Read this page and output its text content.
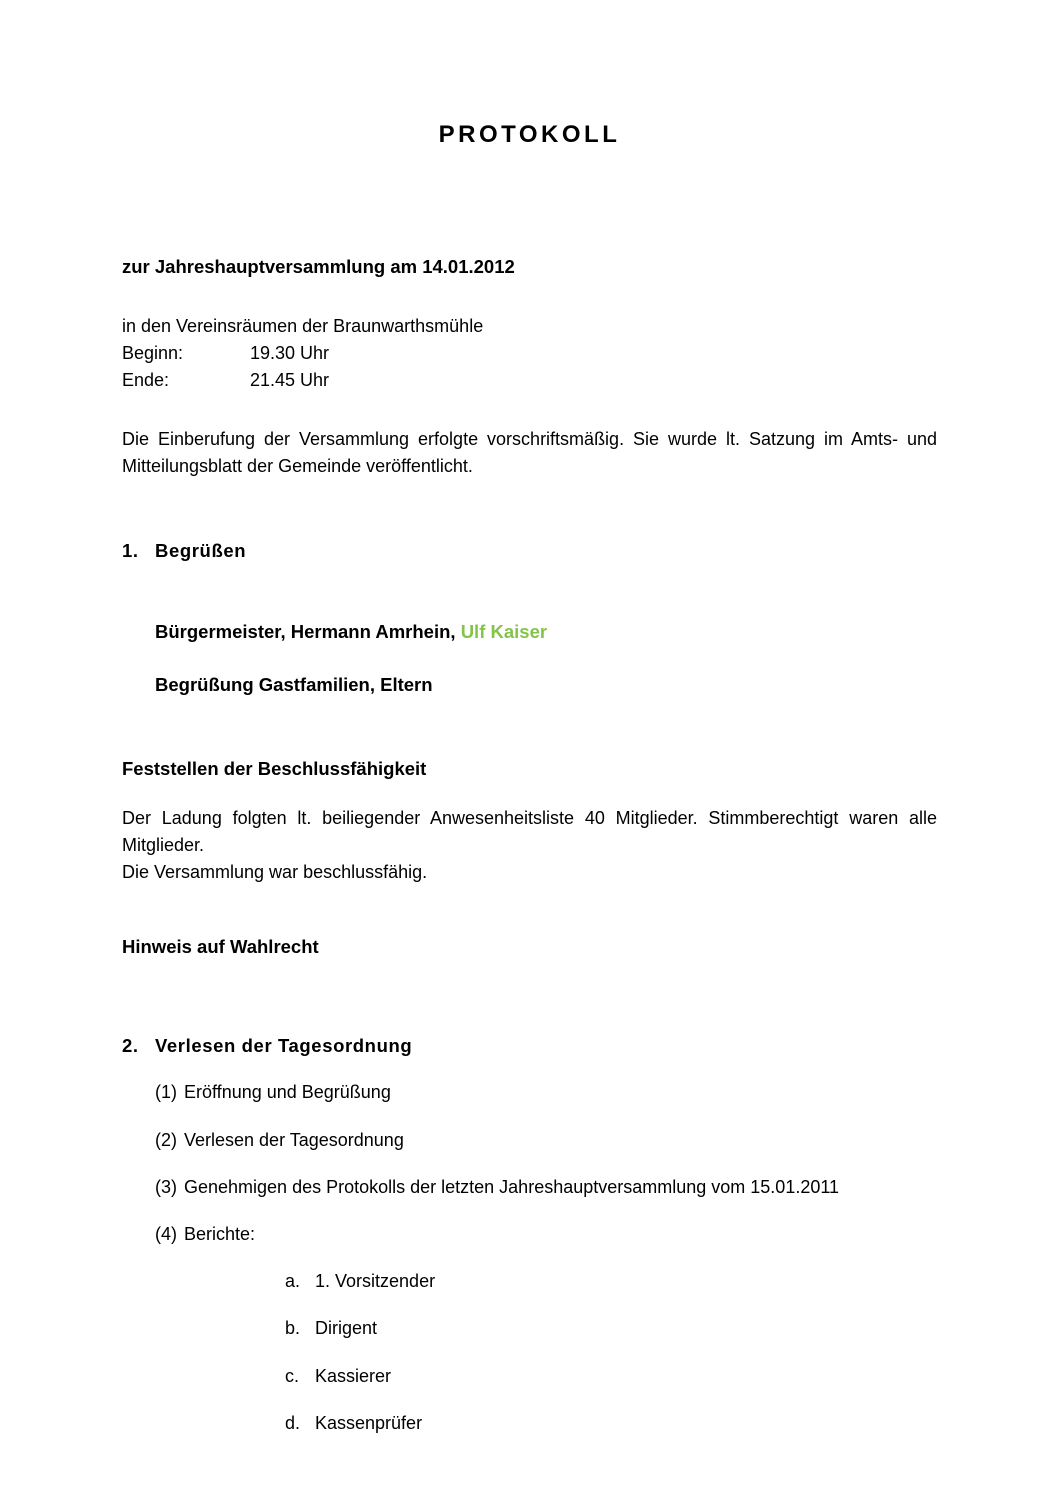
PROTOKOLL

zur Jahreshauptversammlung am 14.01.2012

in den Vereinsräumen der Braunwarthsmühle
Beginn:	19.30 Uhr
Ende:	21.45 Uhr

Die Einberufung der Versammlung erfolgte vorschriftsmäßig. Sie wurde lt. Satzung im Amts- und Mitteilungsblatt der Gemeinde veröffentlicht.

1. Begrüßen
Bürgermeister, Hermann Amrhein, Ulf Kaiser
Begrüßung Gastfamilien, Eltern

Feststellen der Beschlussfähigkeit

Der Ladung folgten lt. beiliegender Anwesenheitsliste 40 Mitglieder. Stimmberechtigt waren alle Mitglieder.

Die Versammlung war beschlussfähig.

Hinweis auf Wahlrecht

2. Verlesen der Tagesordnung
(1) Eröffnung und Begrüßung
(2) Verlesen der Tagesordnung
(3) Genehmigen des Protokolls der letzten Jahreshauptversammlung vom 15.01.2011
(4) Berichte:
a. 1. Vorsitzender
b. Dirigent
c. Kassierer
d. Kassenprüfer
